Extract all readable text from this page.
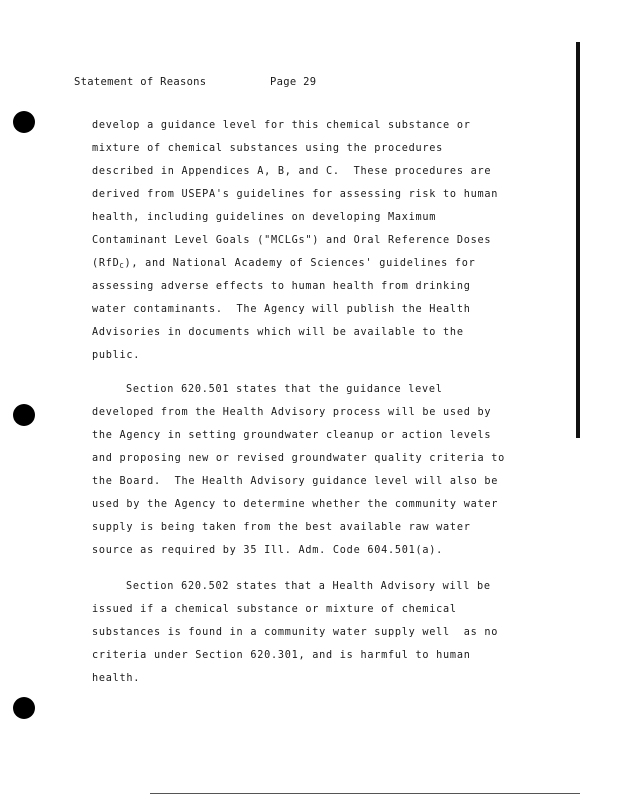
Statement of Reasons	Page 29
develop a guidance level for this chemical substance or
mixture of chemical substances using the procedures
described in Appendices A, B, and C.  These procedures are
derived from USEPA's guidelines for assessing risk to human
health, including guidelines on developing Maximum
Contaminant Level Goals ("MCLGs") and Oral Reference Doses
(RfD$_C$), and National Academy of Sciences' guidelines for
assessing adverse effects to human health from drinking
water contaminants.  The Agency will publish the Health
Advisories in documents which will be available to the
public.
Section 620.501 states that the guidance level
developed from the Health Advisory process will be used by
the Agency in setting groundwater cleanup or action levels
and proposing new or revised groundwater quality criteria to
the Board.  The Health Advisory guidance level will also be
used by the Agency to determine whether the community water
supply is being taken from the best available raw water
source as required by 35 Ill. Adm. Code 604.501(a).
Section 620.502 states that a Health Advisory will be
issued if a chemical substance or mixture of chemical
substances is found in a community water supply well  as no
criteria under Section 620.301, and is harmful to human
health.
